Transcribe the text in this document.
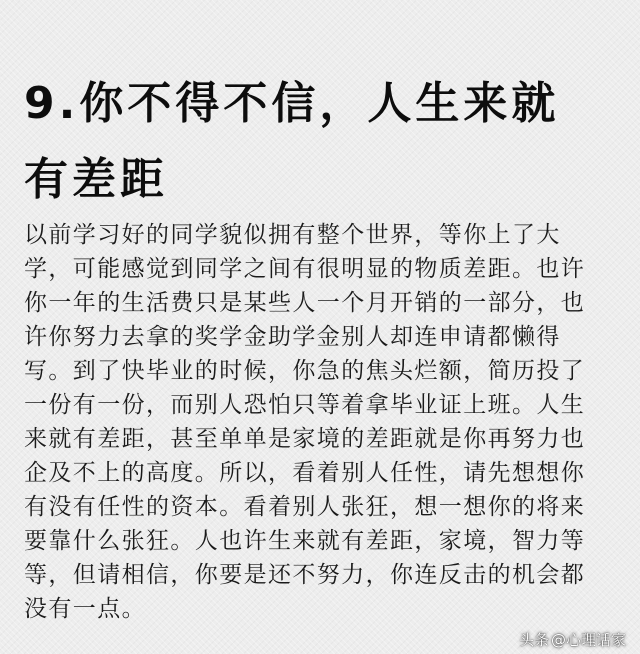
9.你不得不信，人生来就
有差距
以前学习好的同学貌似拥有整个世界，等你上了大
学，可能感觉到同学之间有很明显的物质差距。也许
你一年的生活费只是某些人一个月开销的一部分，也
许你努力去拿的奖学金助学金别人却连申请都懒得
写。到了快毕业的时候，你急的焦头烂额，简历投了
一份有一份，而别人恐怕只等着拿毕业证上班。人生
来就有差距，甚至单单是家境的差距就是你再努力也
企及不上的高度。所以，看着别人任性，请先想想你
有没有任性的资本。看着别人张狂，想一想你的将来
要靠什么张狂。人也许生来就有差距，家境，智力等
等，但请相信，你要是还不努力，你连反击的机会都
没有一点。
头条 @心理话家
